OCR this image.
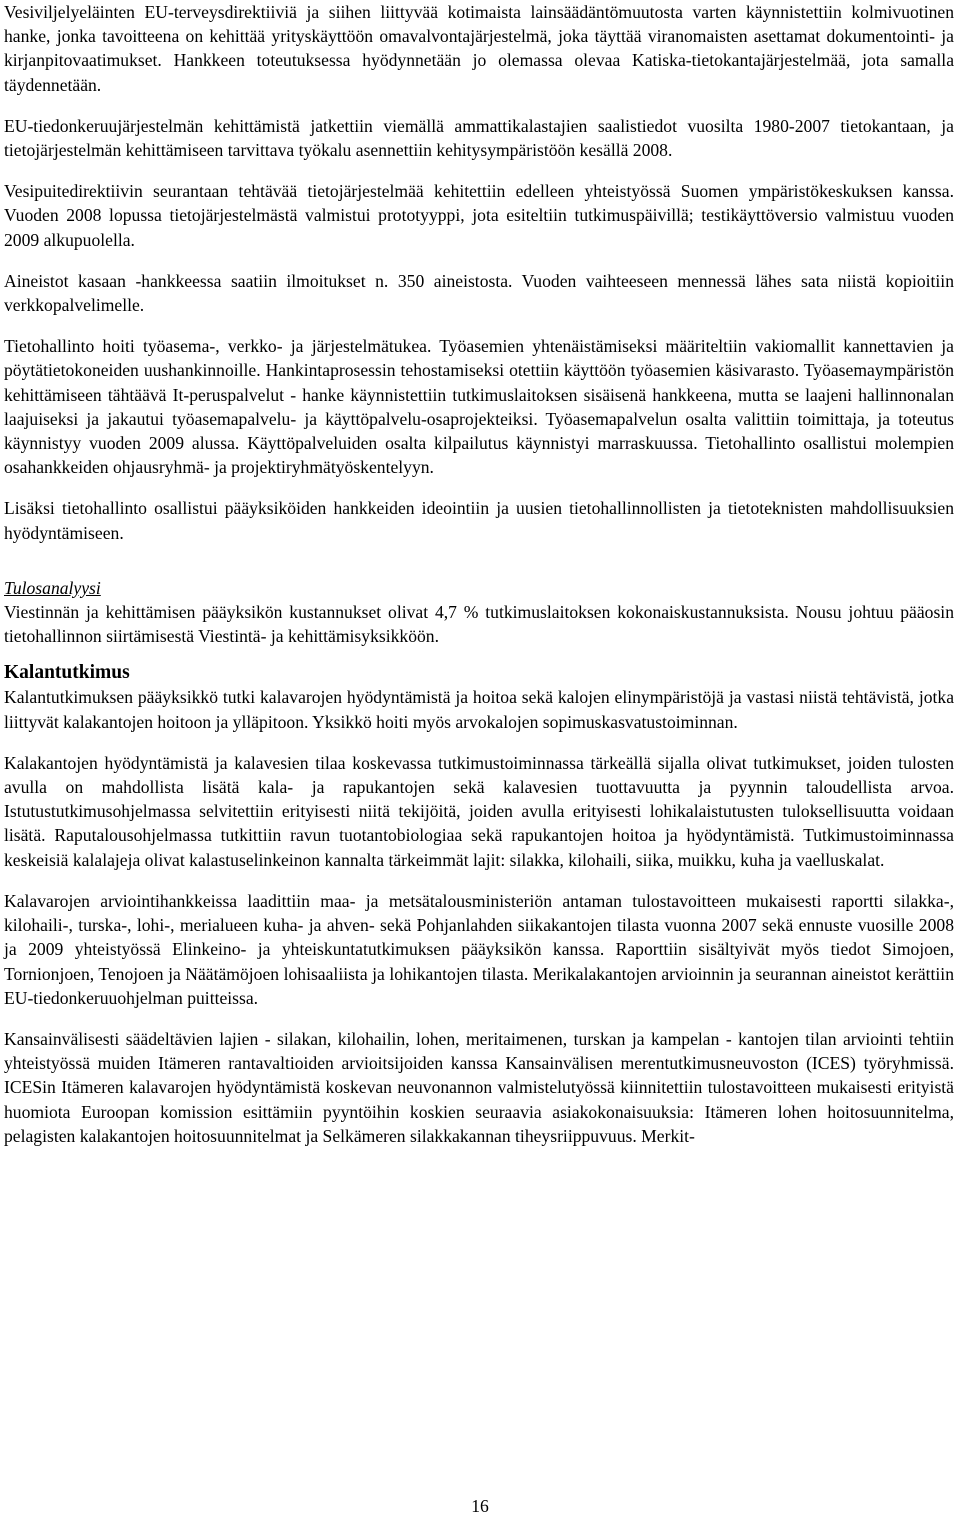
Vesiviljelyeläinten EU-terveysdirektiiviä ja siihen liittyvää kotimaista lainsäädäntömuutosta varten käynnistettiin kolmivuotinen hanke, jonka tavoitteena on kehittää yrityskäyttöön omavalvontajärjestelmä, joka täyttää viranomaisten asettamat dokumentointi- ja kirjanpitovaatimukset. Hankkeen toteutuksessa hyödynnetään jo olemassa olevaa Katiska-tietokantajärjestelmää, jota samalla täydennetään.

EU-tiedonkeruujärjestelmän kehittämistä jatkettiin viemällä ammattikalastajien saalistiedot vuosilta 1980-2007 tietokantaan, ja tietojärjestelmän kehittämiseen tarvittava työkalu asennettiin kehitysympäristöön kesällä 2008.

Vesipuitedirektiivin seurantaan tehtävää tietojärjestelmää kehitettiin edelleen yhteistyössä Suomen ympäristökeskuksen kanssa. Vuoden 2008 lopussa tietojärjestelmästä valmistui prototyyppi, jota esiteltiin tutkimuspäivillä; testikäyttöversio valmistuu vuoden 2009 alkupuolella.

Aineistot kasaan -hankkeessa saatiin ilmoitukset n. 350 aineistosta. Vuoden vaihteeseen mennessä lähes sata niistä kopioitiin verkkopalvelimelle.

Tietohallinto hoiti työasema-, verkko- ja järjestelmätukea. Työasemien yhtenäistämiseksi määriteltiin vakiomallit kannettavien ja pöytätietokoneiden uushankinnoille. Hankintaprosessin tehostamiseksi otettiin käyttöön työasemien käsivarasto. Työasemaympäristön kehittämiseen tähtäävä It-peruspalvelut - hanke käynnistettiin tutkimuslaitoksen sisäisenä hankkeena, mutta se laajeni hallinnonalan laajuiseksi ja jakautui työasemapalvelu- ja käyttöpalvelu-osaprojekteiksi. Työasemapalvelun osalta valittiin toimittaja, ja toteutus käynnistyy vuoden 2009 alussa. Käyttöpalveluiden osalta kilpailutus käynnistyi marraskuussa. Tietohallinto osallistui molempien osahankkeiden ohjausryhmä- ja projektiryhmätyöskentelyyn.

Lisäksi tietohallinto osallistui pääyksiköiden hankkeiden ideointiin ja uusien tietohallinnollisten ja tietoteknisten mahdollisuuksien hyödyntämiseen.

Tulosanalyysi

Viestinnän ja kehittämisen pääyksikön kustannukset olivat 4,7 % tutkimuslaitoksen kokonaiskustannuksista. Nousu johtuu pääosin tietohallinnon siirtämisestä Viestintä- ja kehittämisyksikköön.

Kalantutkimus

Kalantutkimuksen pääyksikkö tutki kalavarojen hyödyntämistä ja hoitoa sekä kalojen elinympäristöjä ja vastasi niistä tehtävistä, jotka liittyvät kalakantojen hoitoon ja ylläpitoon. Yksikkö hoiti myös arvokalojen sopimuskasvatustoiminnan.

Kalakantojen hyödyntämistä ja kalavesien tilaa koskevassa tutkimustoiminnassa tärkeällä sijalla olivat tutkimukset, joiden tulosten avulla on mahdollista lisätä kala- ja rapukantojen sekä kalavesien tuottavuutta ja pyynnin taloudellista arvoa. Istutustutkimusohjelmassa selvitettiin erityisesti niitä tekijöitä, joiden avulla erityisesti lohikalaistutusten tuloksellisuutta voidaan lisätä. Raputalousohjelmassa tutkittiin ravun tuotantobiologiaa sekä rapukantojen hoitoa ja hyödyntämistä. Tutkimustoiminnassa keskeisiä kalalajeja olivat kalastuselinkeinon kannalta tärkeimmät lajit: silakka, kilohaili, siika, muikku, kuha ja vaelluskalat.

Kalavarojen arviointihankkeissa laadittiin maa- ja metsätalousministeriön antaman tulostavoitteen mukaisesti raportti silakka-, kilohaili-, turska-, lohi-, merialueen kuha- ja ahven- sekä Pohjanlahden siikakantojen tilasta vuonna 2007 sekä ennuste vuosille 2008 ja 2009 yhteistyössä Elinkeino- ja yhteiskuntatutkimuksen pääyksikön kanssa. Raporttiin sisältyivät myös tiedot Simojoen, Tornionjoen, Tenojoen ja Näätämöjoen lohisaaliista ja lohikantojen tilasta. Merikalakantojen arvioinnin ja seurannan aineistot kerättiin EU-tiedonkeruuohjelman puitteissa.

Kansainvälisesti säädeltävien lajien - silakan, kilohailin, lohen, meritaimenen, turskan ja kampelan - kantojen tilan arviointi tehtiin yhteistyössä muiden Itämeren rantavaltioiden arvioitsijoiden kanssa Kansainvälisen merentutkimusneuvoston (ICES) työryhmissä. ICESin Itämeren kalavarojen hyödyntämistä koskevan neuvonannon valmistelutyössä kiinnitettiin tulostavoitteen mukaisesti erityistä huomiota Euroopan komission esittämiin pyyntöihin koskien seuraavia asiakokonaisuuksia: Itämeren lohen hoitosuunnitelma, pelagisten kalakantojen hoitosuunnitelmat ja Selkämeren silakkakannan tiheysriippuvuus. Merkit-

16
